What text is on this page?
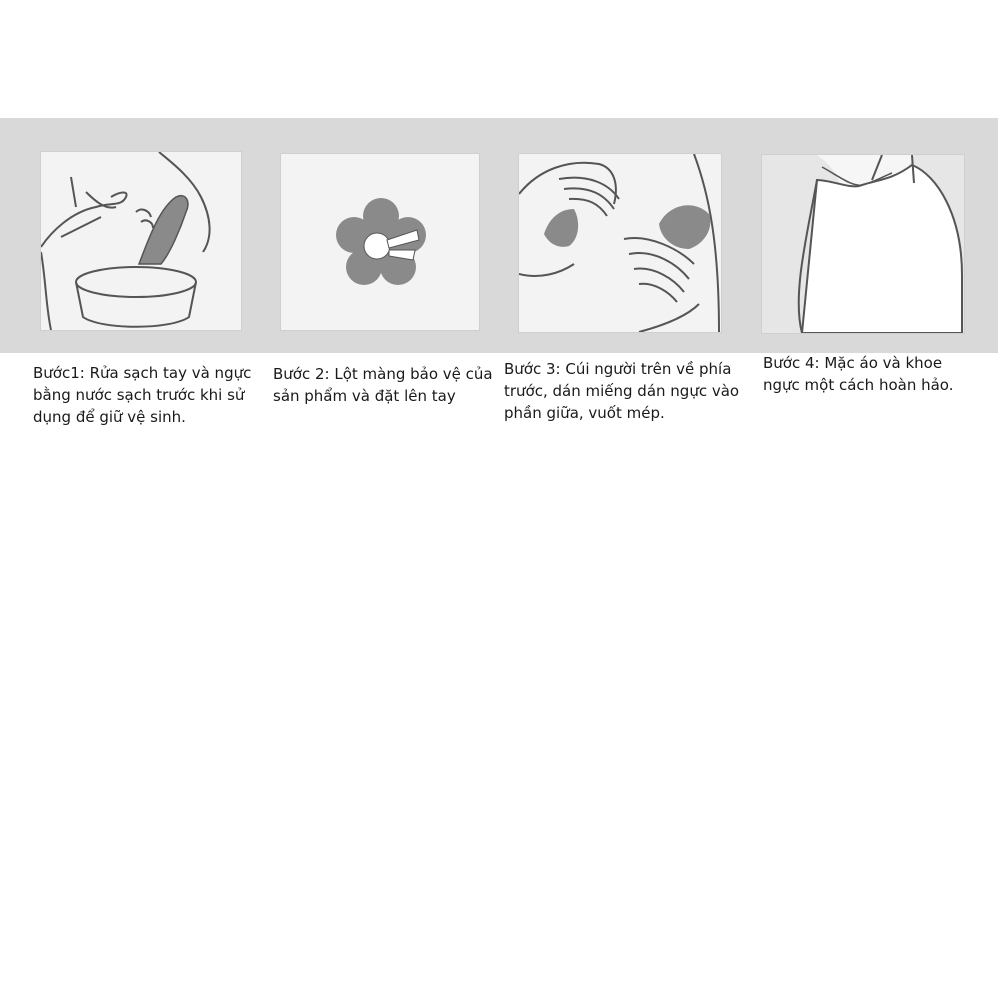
Bước1: Rửa sạch tay và ngực
bằng nước sạch trước khi sử
dụng để giữ vệ sinh.
Bước 2: Lột màng bảo vệ của
sản phẩm và đặt lên tay
Bước 3: Cúi người trên về phía
trước, dán miếng dán ngực vào
phần giữa, vuốt mép.
Bước 4: Mặc áo và khoe
ngực một cách hoàn hảo.
